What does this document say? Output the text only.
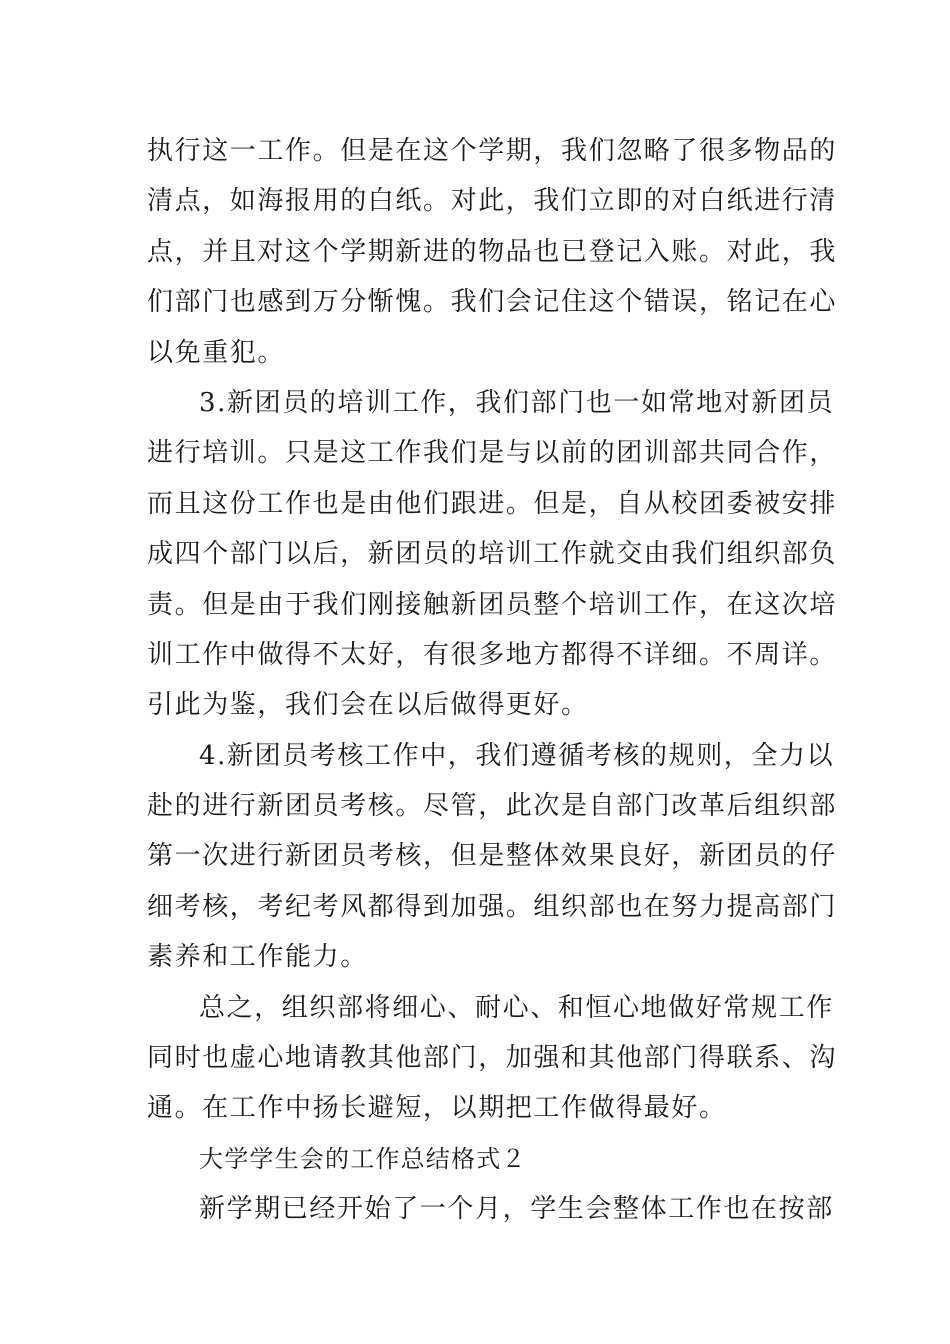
执行这一工作。但是在这个学期，我们忽略了很多物品的
清点，如海报用的白纸。对此，我们立即的对白纸进行清
点，并且对这个学期新进的物品也已登记入账。对此，我
们部门也感到万分惭愧。我们会记住这个错误，铭记在心
以免重犯。
3.新团员的培训工作，我们部门也一如常地对新团员
进行培训。只是这工作我们是与以前的团训部共同合作，
而且这份工作也是由他们跟进。但是，自从校团委被安排
成四个部门以后，新团员的培训工作就交由我们组织部负
责。但是由于我们刚接触新团员整个培训工作，在这次培
训工作中做得不太好，有很多地方都得不详细。不周详。
引此为鉴，我们会在以后做得更好。
4.新团员考核工作中，我们遵循考核的规则，全力以
赴的进行新团员考核。尽管，此次是自部门改革后组织部
第一次进行新团员考核，但是整体效果良好，新团员的仔
细考核，考纪考风都得到加强。组织部也在努力提高部门
素养和工作能力。
总之，组织部将细心、耐心、和恒心地做好常规工作
同时也虚心地请教其他部门，加强和其他部门得联系、沟
通。在工作中扬长避短，以期把工作做得最好。
大学学生会的工作总结格式２
新学期已经开始了一个月，学生会整体工作也在按部
